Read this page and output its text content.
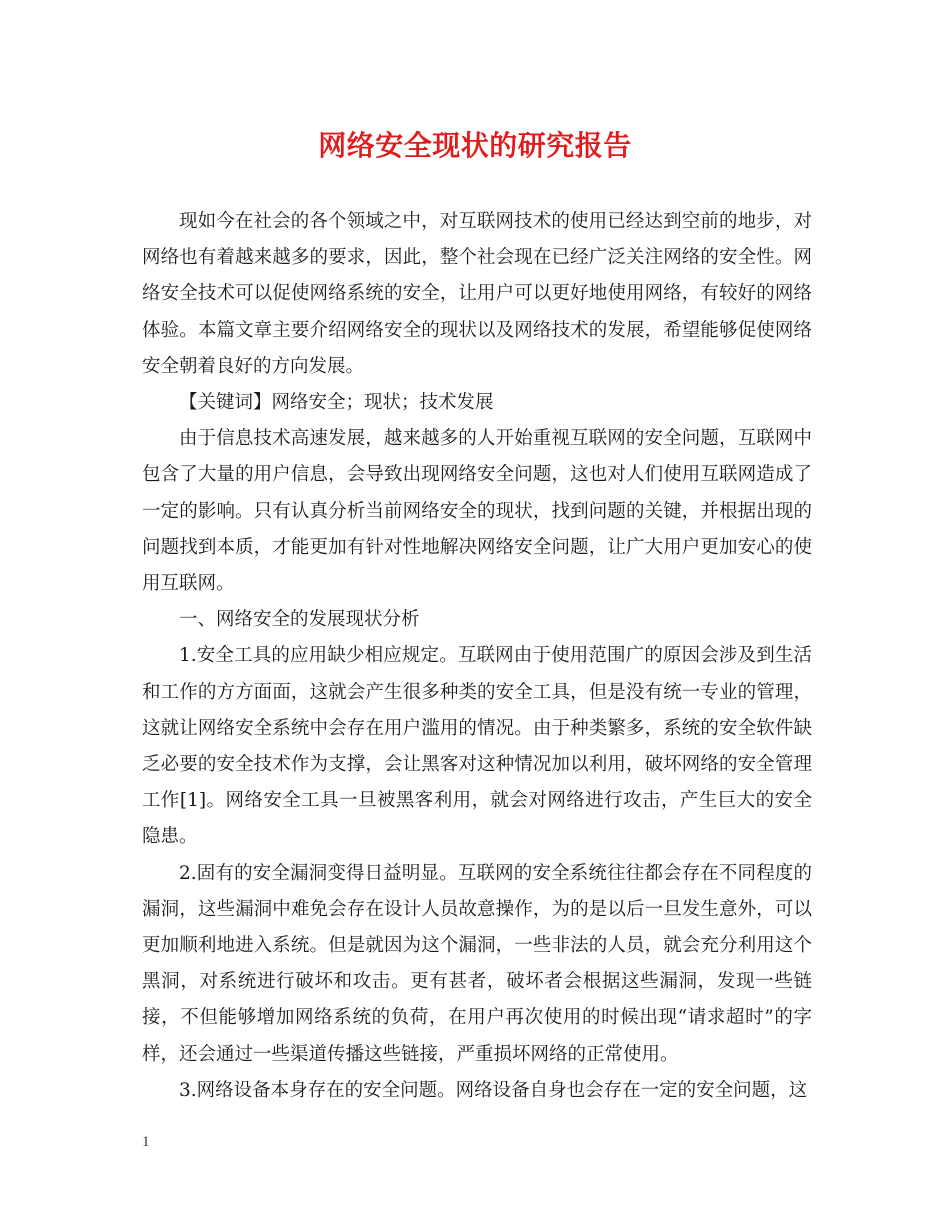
网络安全现状的研究报告

现如今在社会的各个领域之中，对互联网技术的使用已经达到空前的地步，对网络也有着越来越多的要求，因此，整个社会现在已经广泛关注网络的安全性。网络安全技术可以促使网络系统的安全，让用户可以更好地使用网络，有较好的网络体验。本篇文章主要介绍网络安全的现状以及网络技术的发展，希望能够促使网络安全朝着良好的方向发展。

【关键词】网络安全；现状；技术发展

由于信息技术高速发展，越来越多的人开始重视互联网的安全问题，互联网中包含了大量的用户信息，会导致出现网络安全问题，这也对人们使用互联网造成了一定的影响。只有认真分析当前网络安全的现状，找到问题的关键，并根据出现的问题找到本质，才能更加有针对性地解决网络安全问题，让广大用户更加安心的使用互联网。

一、网络安全的发展现状分析

1.安全工具的应用缺少相应规定。互联网由于使用范围广的原因会涉及到生活和工作的方方面面，这就会产生很多种类的安全工具，但是没有统一专业的管理，这就让网络安全系统中会存在用户滥用的情况。由于种类繁多，系统的安全软件缺乏必要的安全技术作为支撑，会让黑客对这种情况加以利用，破坏网络的安全管理工作[1]。网络安全工具一旦被黑客利用，就会对网络进行攻击，产生巨大的安全隐患。

2.固有的安全漏洞变得日益明显。互联网的安全系统往往都会存在不同程度的漏洞，这些漏洞中难免会存在设计人员故意操作，为的是以后一旦发生意外，可以更加顺利地进入系统。但是就因为这个漏洞，一些非法的人员，就会充分利用这个黑洞，对系统进行破坏和攻击。更有甚者，破坏者会根据这些漏洞，发现一些链接，不但能够增加网络系统的负荷，在用户再次使用的时候出现“请求超时”的字样，还会通过一些渠道传播这些链接，严重损坏网络的正常使用。

3.网络设备本身存在的安全问题。网络设备自身也会存在一定的安全问题，这

1
